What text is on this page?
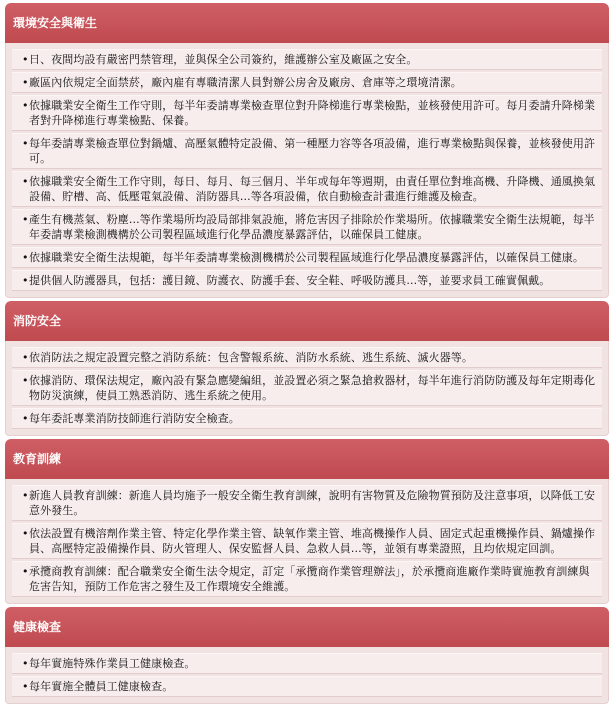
環境安全與衛生
• 日、夜間均設有嚴密門禁管理，並與保全公司簽約，維護辦公室及廠區之安全。
• 廠區內依規定全面禁菸，廠內雇有專職清潔人員對辦公房舍及廠房、倉庫等之環境清潔。
• 依據職業安全衛生工作守則，每半年委請專業檢查單位對升降梯進行專業檢點，並核發使用許可。每月委請升降梯業者對升降梯進行專業檢點、保養。
• 每年委請專業檢查單位對鍋爐、高壓氣體特定設備、第一種壓力容等各項設備，進行專業檢點與保養，並核發使用許可。
• 依據職業安全衛生工作守則，每日、每月、每三個月、半年或每年等週期，由責任單位對堆高機、升降機、通風換氣設備、貯槽、高、低壓電氣設備、消防器具...等各項設備，依自動檢查計畫進行維護及檢查。
• 產生有機蒸氣、粉塵...等作業場所均設局部排氣設施，將危害因子排除於作業場所。依據職業安全衛生法規範，每半年委請專業檢測機構於公司製程區域進行化學品濃度暴露評估，以確保員工健康。
• 依據職業安全衛生法規範，每半年委請專業檢測機構於公司製程區域進行化學品濃度暴露評估，以確保員工健康。
• 提供個人防護器具，包括：護目鏡、防護衣、防護手套、安全鞋、呼吸防護具...等，並要求員工確實佩戴。
消防安全
• 依消防法之規定設置完整之消防系統：包含警報系統、消防水系統、逃生系統、滅火器等。
• 依據消防、環保法規定，廠內設有緊急應變編組，並設置必須之緊急搶救器材，每半年進行消防防護及每年定期毒化物防災演練，使員工熟悉消防、逃生系統之使用。
• 每年委託專業消防技師進行消防安全檢查。
教育訓練
• 新進人員教育訓練：新進人員均施予一般安全衛生教育訓練，說明有害物質及危險物質預防及注意事項，以降低工安意外發生。
• 依法設置有機溶劑作業主管、特定化學作業主管、缺氧作業主管、堆高機操作人員、固定式起重機操作員、鍋爐操作員、高壓特定設備操作員、防火管理人、保安監督人員、急救人員...等，並領有專業證照，且均依規定回訓。
• 承攬商教育訓練：配合職業安全衛生法令規定，訂定「承攬商作業管理辦法」，於承攬商進廠作業時實施教育訓練與危害告知，預防工作危害之發生及工作環境安全維護。
健康檢查
• 每年實施特殊作業員工健康檢查。
• 每年實施全體員工健康檢查。
